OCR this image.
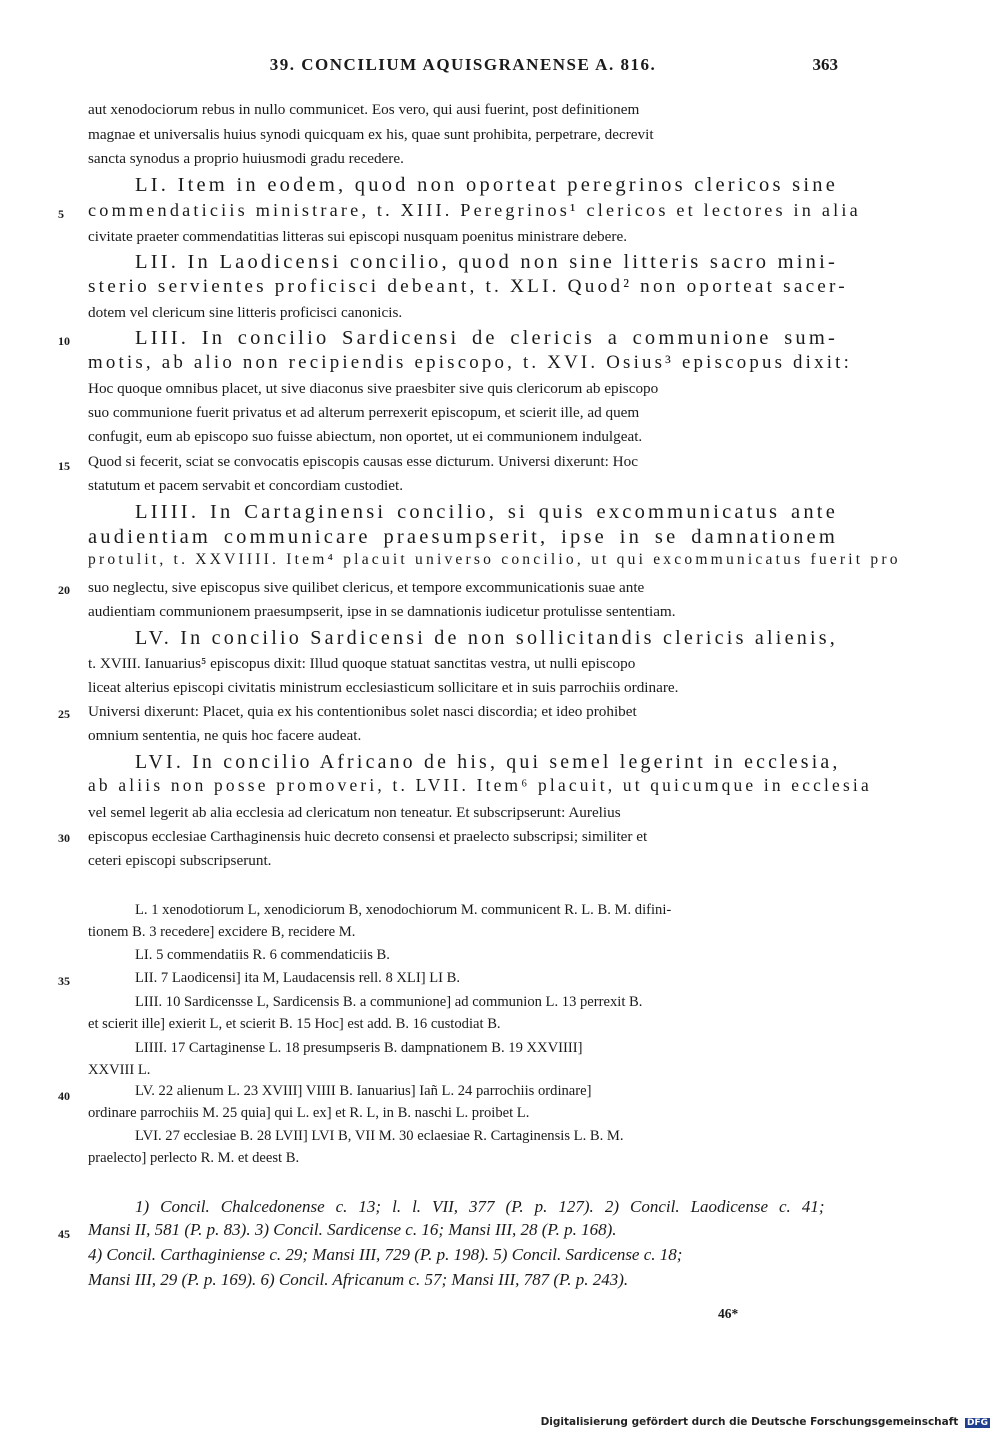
39. CONCILIUM AQUISGRANENSE A. 816.	363
aut xenodociorum rebus in nullo communicet. Eos vero, qui ausi fuerint, post definitionem
magnae et universalis huius synodi quicquam ex his, quae sunt prohibita, perpetrare, decrevit
sancta synodus a proprio huiusmodi gradu recedere.
LI. Item in eodem, quod non oporteat peregrinos clericos sine
commendaticiis ministrare, t. XIII. Peregrinos¹ clericos et lectores in alia
civitate praeter commendatitias litteras sui episcopi nusquam poenitus ministrare debere.
LII. In Laodicensi concilio, quod non sine litteris sacro mini-
sterio servientes proficisci debeant, t. XLI. Quod² non oporteat sacer-
dotem vel clericum sine litteris proficisci canonicis.
LIII. In concilio Sardicensi de clericis a communione sum-
motis, ab alio non recipiendis episcopo, t. XVI. Osius³ episcopus dixit:
Hoc quoque omnibus placet, ut sive diaconus sive praesbiter sive quis clericorum ab episcopo
suo communione fuerit privatus et ad alterum perrexerit episcopum, et scierit ille, ad quem
confugit, eum ab episcopo suo fuisse abiectum, non oportet, ut ei communionem indulgeat.
Quod si fecerit, sciat se convocatis episcopis causas esse dicturum. Universi dixerunt: Hoc
statutum et pacem servabit et concordiam custodiet.
LIIII. In Cartaginensi concilio, si quis excommunicatus ante
audientiam communicare praesumpserit, ipse in se damnationem
protulit, t. XXVIIII. Item⁴ placuit universo concilio, ut qui excommunicatus fuerit pro
suo neglectu, sive episcopus sive quilibet clericus, et tempore excommunicationis suae ante
audientiam communionem praesumpserit, ipse in se damnationis iudicetur protulisse sententiam.
LV. In concilio Sardicensi de non sollicitandis clericis alienis,
t. XVIII. Ianuarius⁵ episcopus dixit: Illud quoque statuat sanctitas vestra, ut nulli episcopo
liceat alterius episcopi civitatis ministrum ecclesiasticum sollicitare et in suis parrochiis ordinare.
Universi dixerunt: Placet, quia ex his contentionibus solet nasci discordia; et ideo prohibet
omnium sententia, ne quis hoc facere audeat.
LVI. In concilio Africano de his, qui semel legerint in ecclesia,
ab aliis non posse promoveri, t. LVII. Item⁶ placuit, ut quicumque in ecclesia
vel semel legerit ab alia ecclesia ad clericatum non teneatur. Et subscripserunt: Aurelius
episcopus ecclesiae Carthaginensis huic decreto consensi et praelecto subscripsi; similiter et
ceteri episcopi subscripserunt.
5
10
15
20
25
30
35
40
45
L. 1 xenodotiorum L, xenodiciorum B, xenodochiorum M. communicent R. L. B. M. difini-
tionem B. 3 recedere] excidere B, recidere M.
LI. 5 commendatiis R. 6 commendaticiis B.
LII. 7 Laodicensi] ita M, Laudacensis rell. 8 XLI] LI B.
LIII. 10 Sardicensse L, Sardicensis B. a communione] ad communion L. 13 perrexit B.
et scierit ille] exierit L, et scierit B. 15 Hoc] est add. B. 16 custodiat B.
LIIII. 17 Cartaginense L. 18 presumpseris B. dampnationem B. 19 XXVIIII]
XXVIII L.
LV. 22 alienum L. 23 XVIII] VIIII B. Ianuarius] Iañ L. 24 parrochiis ordinare]
ordinare parrochiis M. 25 quia] qui L. ex] et R. L, in B. naschi L. proibet L.
LVI. 27 ecclesiae B. 28 LVII] LVI B, VII M. 30 eclaesiae R. Cartaginensis L. B. M.
praelecto] perlecto R. M. et deest B.
1) Concil. Chalcedonense c. 13; l. l. VII, 377 (P. p. 127). 2) Concil. Laodicense c. 41;
Mansi II, 581 (P. p. 83). 3) Concil. Sardicense c. 16; Mansi III, 28 (P. p. 168).
4) Concil. Carthaginiense c. 29; Mansi III, 729 (P. p. 198). 5) Concil. Sardicense c. 18;
Mansi III, 29 (P. p. 169). 6) Concil. Africanum c. 57; Mansi III, 787 (P. p. 243).
46*
Digitalisierung gefördert durch die Deutsche Forschungsgemeinschaft DFG
